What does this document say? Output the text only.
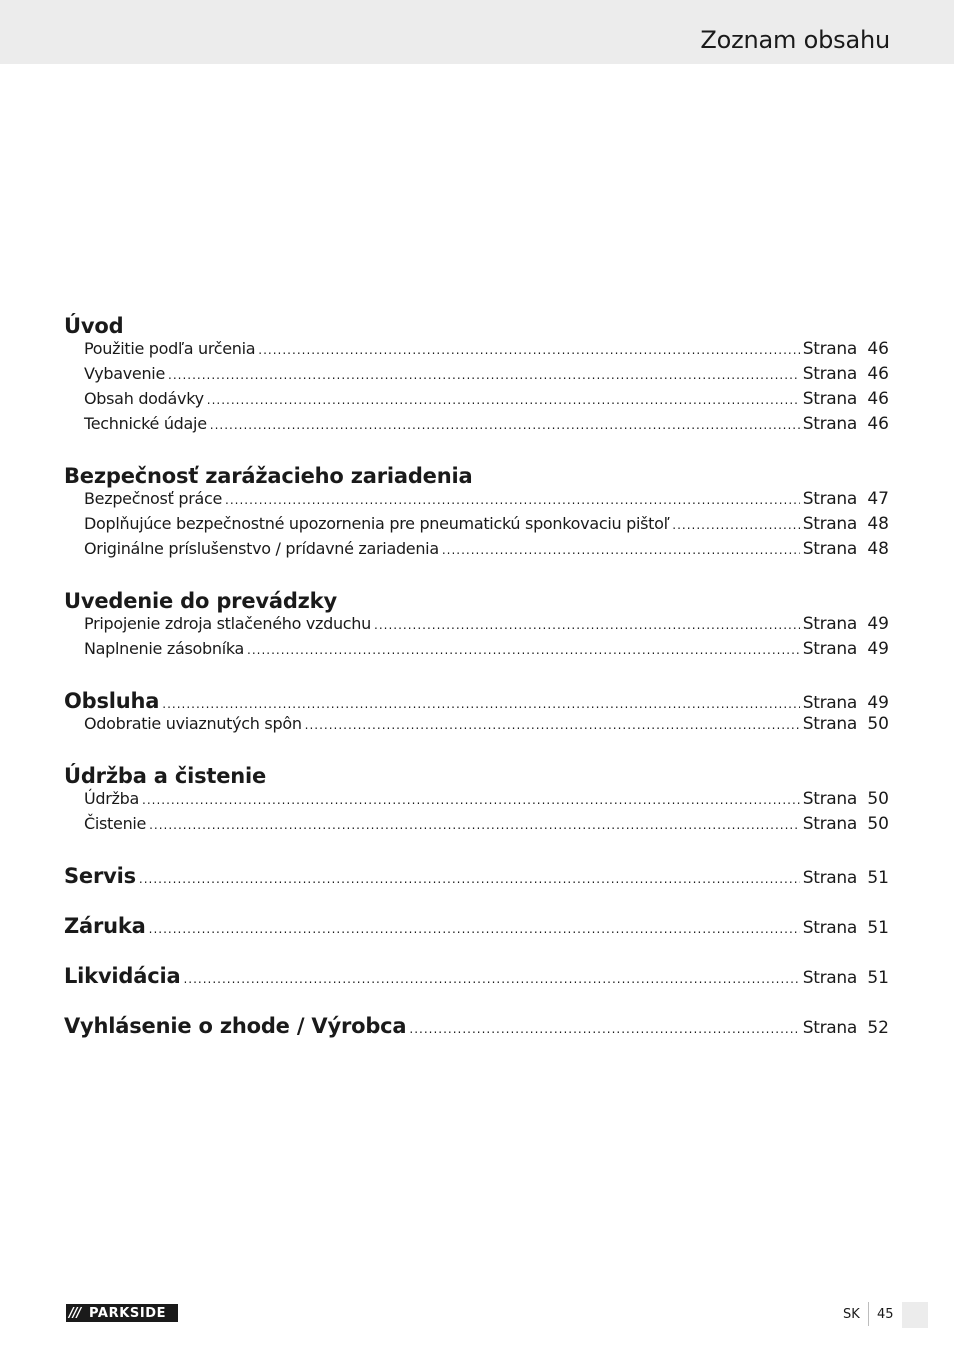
Zoznam obsahu
Úvod
Použitie podľa určenia .....	Strana 46
Vybavenie .....	Strana 46
Obsah dodávky .....	Strana 46
Technické údaje .....	Strana 46
Bezpečnosť zarážacieho zariadenia
Bezpečnosť práce .....	Strana 47
Doplňujúce bezpečnostné upozornenia pre pneumatickú sponkovaciu pištoľ .....	Strana 48
Originálne príslušenstvo / prídavné zariadenia .....	Strana 48
Uvedenie do prevádzky
Pripojenie zdroja stlačeného vzduchu .....	Strana 49
Naplnenie zásobníka .....	Strana 49
Obsluha .....	Strana 49
Odobratie uviaznutých spôn .....	Strana 50
Údržba a čistenie
Údržba .....	Strana 50
Čistenie .....	Strana 50
Servis .....	Strana 51
Záruka .....	Strana 51
Likvidácia .....	Strana 51
Vyhlásenie o zhode / Výrobca .....	Strana 52
/// PARKSIDE	SK 45
